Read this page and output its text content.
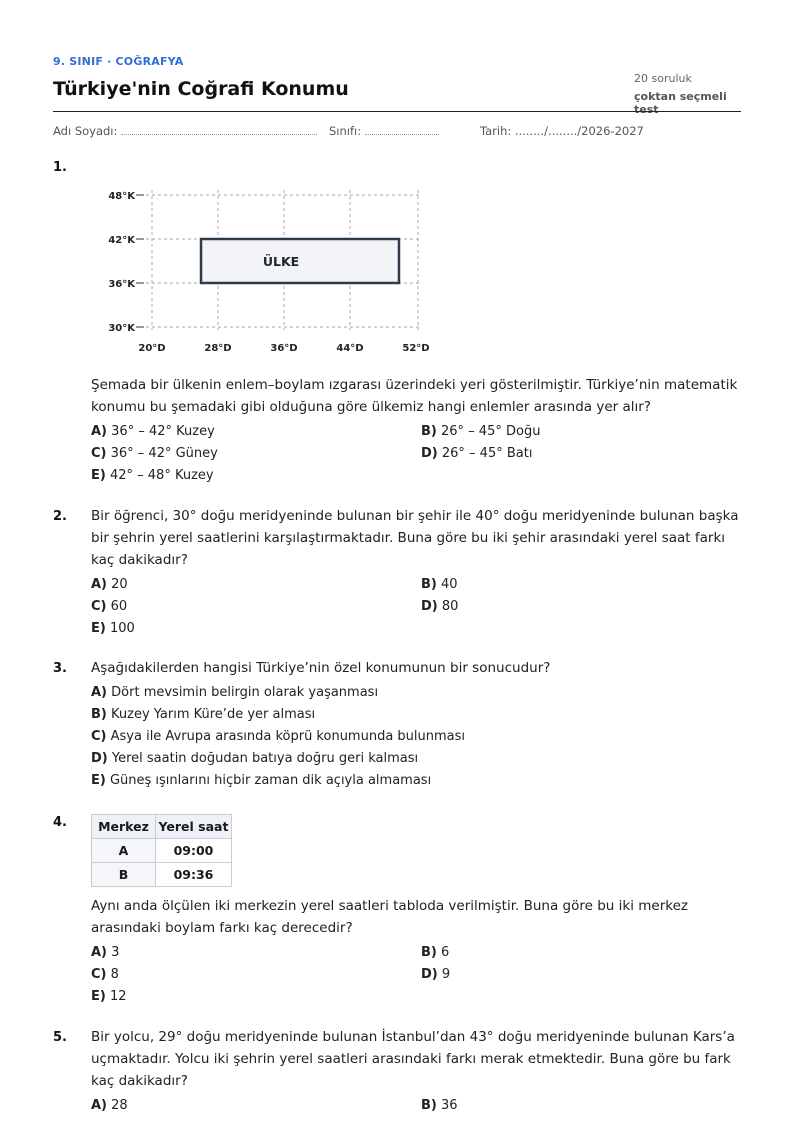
9. SINIF · COĞRAFYA
Türkiye'nin Coğrafi Konumu	20 soruluk
çoktan seçmeli test
Adı Soyadı:	Sınıfı:	Tarih: ......../......../2026-2027
1.
ÜLKE
48°K
42°K
36°K
30°K
20°D	28°D	36°D	44°D	52°D
Şemada bir ülkenin enlem–boylam ızgarası üzerindeki yeri gösterilmiştir. Türkiye’nin matematik konumu bu şemadaki gibi olduğuna göre ülkemiz hangi enlemler arasında yer alır?
A) 36° – 42° Kuzey	B) 26° – 45° Doğu
C) 36° – 42° Güney	D) 26° – 45° Batı
E) 42° – 48° Kuzey
2. Bir öğrenci, 30° doğu meridyeninde bulunan bir şehir ile 40° doğu meridyeninde bulunan başka bir şehrin yerel saatlerini karşılaştırmaktadır. Buna göre bu iki şehir arasındaki yerel saat farkı kaç dakikadır?
A) 20	B) 40
C) 60	D) 80
E) 100
3. Aşağıdakilerden hangisi Türkiye’nin özel konumunun bir sonucudur?
A) Dört mevsimin belirgin olarak yaşanması
B) Kuzey Yarım Küre’de yer alması
C) Asya ile Avrupa arasında köprü konumunda bulunması
D) Yerel saatin doğudan batıya doğru geri kalması
E) Güneş ışınlarını hiçbir zaman dik açıyla almaması
4. Merkez	Yerel saat
A	09:00
B	09:36
Aynı anda ölçülen iki merkezin yerel saatleri tabloda verilmiştir. Buna göre bu iki merkez arasındaki boylam farkı kaç derecedir?
A) 3	B) 6
C) 8	D) 9
E) 12
5. Bir yolcu, 29° doğu meridyeninde bulunan İstanbul’dan 43° doğu meridyeninde bulunan Kars’a uçmaktadır. Yolcu iki şehrin yerel saatleri arasındaki farkı merak etmektedir. Buna göre bu fark kaç dakikadır?
A) 28	B) 36
